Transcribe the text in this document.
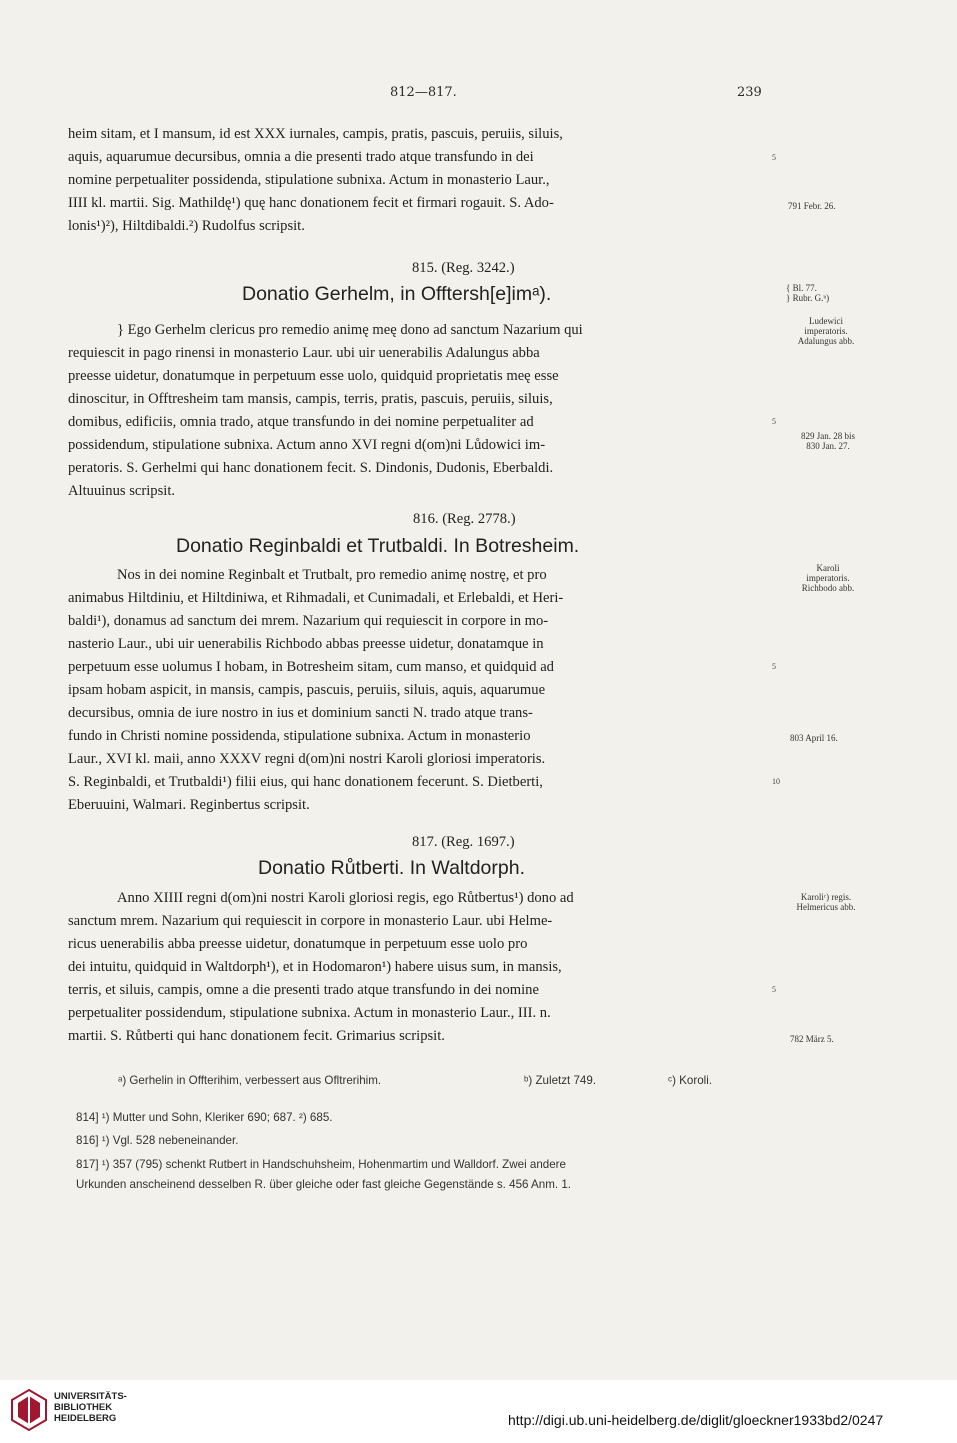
812—817.	239
heim sitam, et I mansum, id est XXX iurnales, campis, pratis, pascuis, peruiis, siluis,
aquis, aquarumue decursibus, omnia a die presenti trado atque transfundo in dei
nomine perpetualiter possidenda, stipulatione subnixa. Actum in monasterio Laur.,
IIII kl. martii. Sig. Mathildę¹) quę hanc donationem fecit et firmari rogauit. S. Ado-
lonis¹)²), Hiltdibaldi.²) Rudolfus scripsit.
5
791 Febr. 26.
815. (Reg. 3242.)
Donatio Gerhelm, in Offtersh[e]imᵃ).	{ Bl. 77.
} Rubr. G.ᵇ)
Ludewici
imperatoris.
Adalungus abb.
} Ego Gerhelm clericus pro remedio animę meę dono ad sanctum Nazarium qui
requiescit in pago rinensi in monasterio Laur. ubi uir uenerabilis Adalungus abba
preesse uidetur, donatumque in perpetuum esse uolo, quidquid proprietatis meę esse
dinoscitur, in Offtresheim tam mansis, campis, terris, pratis, pascuis, peruiis, siluis,
domibus, edificiis, omnia trado, atque transfundo in dei nomine perpetualiter ad
possidendum, stipulatione subnixa. Actum anno XVI regni d(om)ni Lůdowici im-
peratoris. S. Gerhelmi qui hanc donationem fecit. S. Dindonis, Dudonis, Eberbaldi.
Altuuinus scripsit.
5
829 Jan. 28 bis
830 Jan. 27.
816. (Reg. 2778.)
Donatio Reginbaldi et Trutbaldi. In Botresheim.
Karoli
imperatoris.
Richbodo abb.
Nos in dei nomine Reginbalt et Trutbalt, pro remedio animę nostrę, et pro
animabus Hiltdiniu, et Hiltdiniwa, et Rihmadali, et Cunimadali, et Erlebaldi, et Heri-
baldi¹), donamus ad sanctum dei mrem. Nazarium qui requiescit in corpore in mo-
nasterio Laur., ubi uir uenerabilis Richbodo abbas preesse uidetur, donatamque in
perpetuum esse uolumus I hobam, in Botresheim sitam, cum manso, et quidquid ad
ipsam hobam aspicit, in mansis, campis, pascuis, peruiis, siluis, aquis, aquarumue
decursibus, omnia de iure nostro in ius et dominium sancti N. trado atque trans-
fundo in Christi nomine possidenda, stipulatione subnixa. Actum in monasterio
Laur., XVI kl. maii, anno XXXV regni d(om)ni nostri Karoli gloriosi imperatoris.
S. Reginbaldi, et Trutbaldi¹) filii eius, qui hanc donationem fecerunt. S. Dietberti,
Eberuuini, Walmari. Reginbertus scripsit.
5
10
803 April 16.
817. (Reg. 1697.)
Donatio Růtberti. In Waltdorph.
Karoliᶜ) regis.
Helmericus abb.
Anno XIIII regni d(om)ni nostri Karoli gloriosi regis, ego Růtbertus¹) dono ad
sanctum mrem. Nazarium qui requiescit in corpore in monasterio Laur. ubi Helme-
ricus uenerabilis abba preesse uidetur, donatumque in perpetuum esse uolo pro
dei intuitu, quidquid in Waltdorph¹), et in Hodomaron¹) habere uisus sum, in mansis,
terris, et siluis, campis, omne a die presenti trado atque transfundo in dei nomine
perpetualiter possidendum, stipulatione subnixa. Actum in monasterio Laur., III. n.
martii. S. Růtberti qui hanc donationem fecit. Grimarius scripsit.
5
782 März 5.
ᵃ) Gerhelin in Offterihim, verbessert aus Ofltrerihim.	ᵇ) Zuletzt 749.	ᶜ) Koroli.
814] ¹) Mutter und Sohn, Kleriker 690; 687. ²) 685.
816] ¹) Vgl. 528 nebeneinander.
817] ¹) 357 (795) schenkt Rutbert in Handschuhsheim, Hohenmartim und Walldorf. Zwei andere
Urkunden anscheinend desselben R. über gleiche oder fast gleiche Gegenstände s. 456 Anm. 1.
UNIVERSITÄTS-
BIBLIOTHEK
HEIDELBERG	http://digi.ub.uni-heidelberg.de/diglit/gloeckner1933bd2/0247
